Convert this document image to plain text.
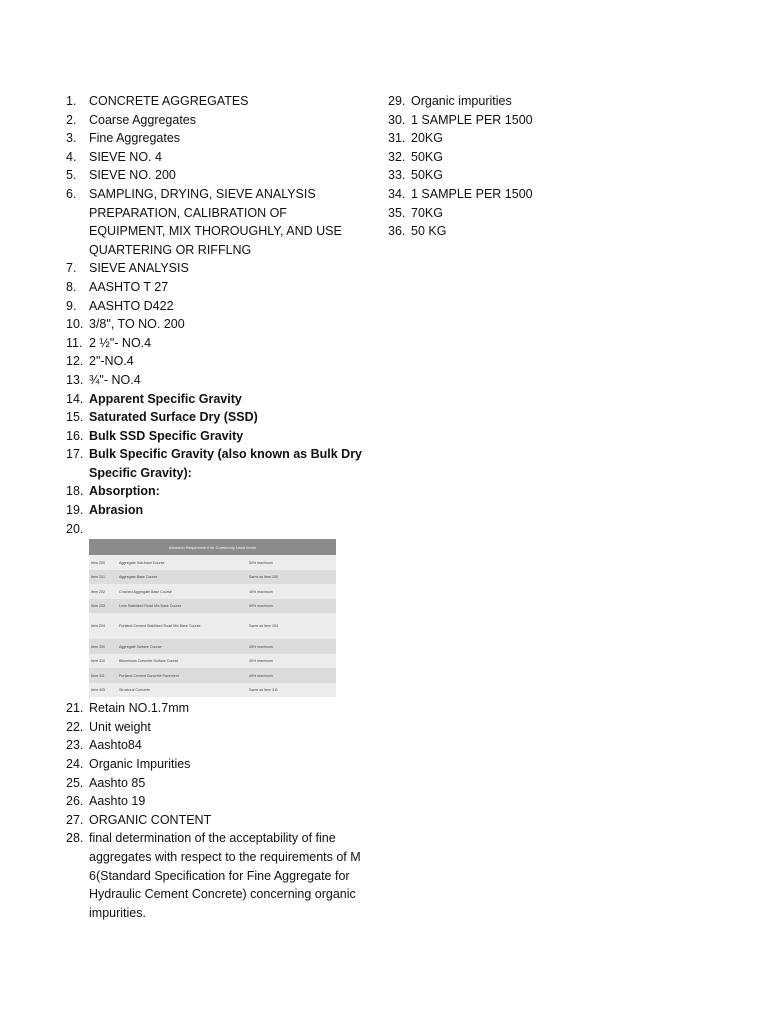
1.	CONCRETE AGGREGATES
2.	Coarse Aggregates
3.	Fine Aggregates
4.	SIEVE NO. 4
5.	SIEVE NO. 200
6.	SAMPLING, DRYING, SIEVE ANALYSIS PREPARATION, CALIBRATION OF EQUIPMENT, MIX THOROUGHLY, AND USE QUARTERING OR RIFFLNG
7.	SIEVE ANALYSIS
8.	AASHTO T 27
9.	AASHTO D422
10. 3/8", TO NO. 200
11. 2 ½"- NO.4
12. 2"-NO.4
13. ¾"- NO.4
14. Apparent Specific Gravity
15. Saturated Surface Dry (SSD)
16. Bulk SSD Specific Gravity
17. Bulk Specific Gravity (also known as Bulk Dry Specific Gravity):
18. Absorption:
19. Abrasion
20.
Abrasion Requirement for Commonly Used Items		
Item 200	Aggregate Sub-base Course	50% maximum
Item 201	Aggregate Base Course	Same as Item 200
Item 202	Crushed Aggregate Base Course	45% maximum
Item 203	Lime Stabilized Road Mix Base Course	50% maximum
Item 204	Portland Cement Stabilized Road Mix Base Course	Same as Item 203
Item 300	Aggregate Surface Course	45% maximum
Item 310	Bituminous Concrete Surface Course	40% maximum
Item 311	Portland Cement Concrete Pavement	40% maximum
Item 405	Structural Concrete	Same as Item 311
21. Retain NO.1.7mm
22. Unit weight
23. Aashto84
24. Organic Impurities
25. Aashto 85
26. Aashto 19
27. ORGANIC CONTENT
28. final determination of the acceptability of fine aggregates with respect to the requirements of M 6(Standard Specification for Fine Aggregate for Hydraulic Cement Concrete) concerning organic impurities.
29. Organic impurities
30. 1 SAMPLE PER 1500
31. 20KG
32. 50KG
33. 50KG
34. 1 SAMPLE PER 1500
35. 70KG
36. 50 KG
